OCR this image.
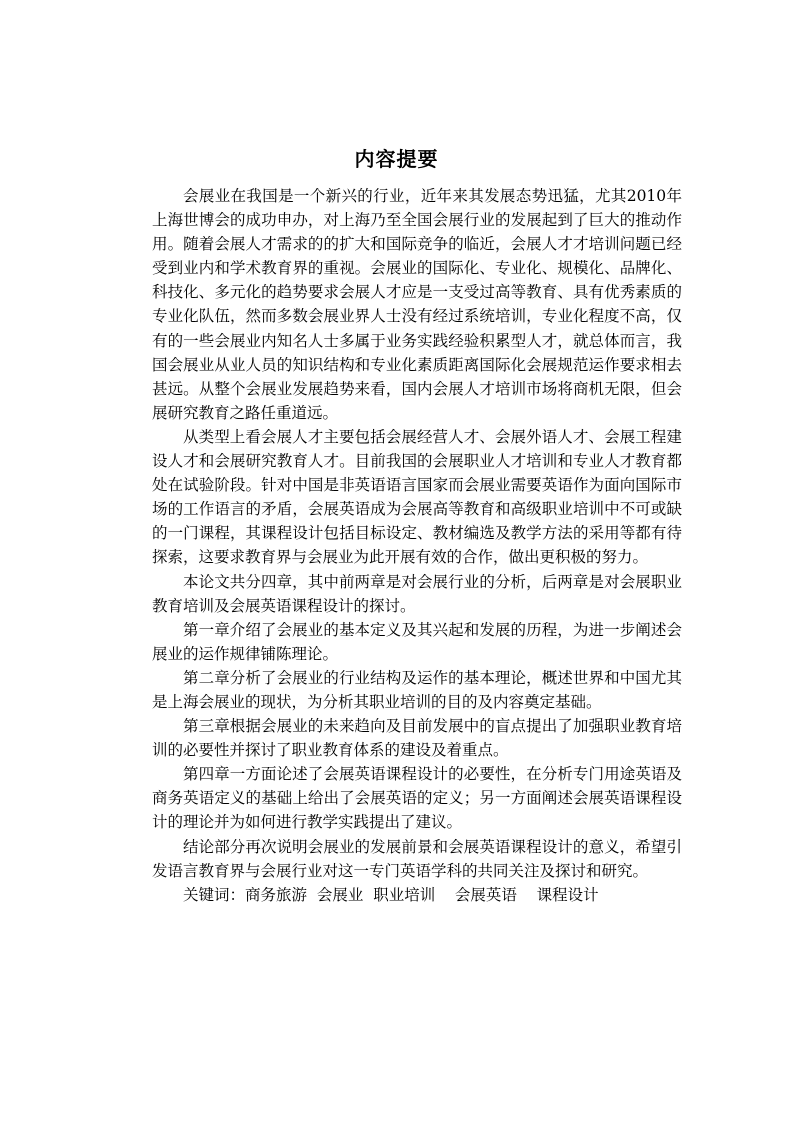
内容提要

会展业在我国是一个新兴的行业，近年来其发展态势迅猛，尤其2010年上海世博会的成功申办，对上海乃至全国会展行业的发展起到了巨大的推动作用。随着会展人才需求的的扩大和国际竞争的临近，会展人才才培训问题已经受到业内和学术教育界的重视。会展业的国际化、专业化、规模化、品牌化、科技化、多元化的趋势要求会展人才应是一支受过高等教育、具有优秀素质的专业化队伍，然而多数会展业界人士没有经过系统培训，专业化程度不高，仅有的一些会展业内知名人士多属于业务实践经验积累型人才，就总体而言，我国会展业从业人员的知识结构和专业化素质距离国际化会展规范运作要求相去甚远。从整个会展业发展趋势来看，国内会展人才培训市场将商机无限，但会展研究教育之路任重道远。

从类型上看会展人才主要包括会展经营人才、会展外语人才、会展工程建设人才和会展研究教育人才。目前我国的会展职业人才培训和专业人才教育都处在试验阶段。针对中国是非英语语言国家而会展业需要英语作为面向国际市场的工作语言的矛盾，会展英语成为会展高等教育和高级职业培训中不可或缺的一门课程，其课程设计包括目标设定、教材编选及教学方法的采用等都有待探索，这要求教育界与会展业为此开展有效的合作，做出更积极的努力。

本论文共分四章，其中前两章是对会展行业的分析，后两章是对会展职业教育培训及会展英语课程设计的探讨。

第一章介绍了会展业的基本定义及其兴起和发展的历程，为进一步阐述会展业的运作规律铺陈理论。

第二章分析了会展业的行业结构及运作的基本理论，概述世界和中国尤其是上海会展业的现状，为分析其职业培训的目的及内容奠定基础。

第三章根据会展业的未来趋向及目前发展中的盲点提出了加强职业教育培训的必要性并探讨了职业教育体系的建设及着重点。

第四章一方面论述了会展英语课程设计的必要性，在分析专门用途英语及商务英语定义的基础上给出了会展英语的定义；另一方面阐述会展英语课程设计的理论并为如何进行教学实践提出了建议。

结论部分再次说明会展业的发展前景和会展英语课程设计的意义，希望引发语言教育界与会展行业对这一专门英语学科的共同关注及探讨和研究。

关键词：商务旅游  会展业  职业培训    会展英语    课程设计
